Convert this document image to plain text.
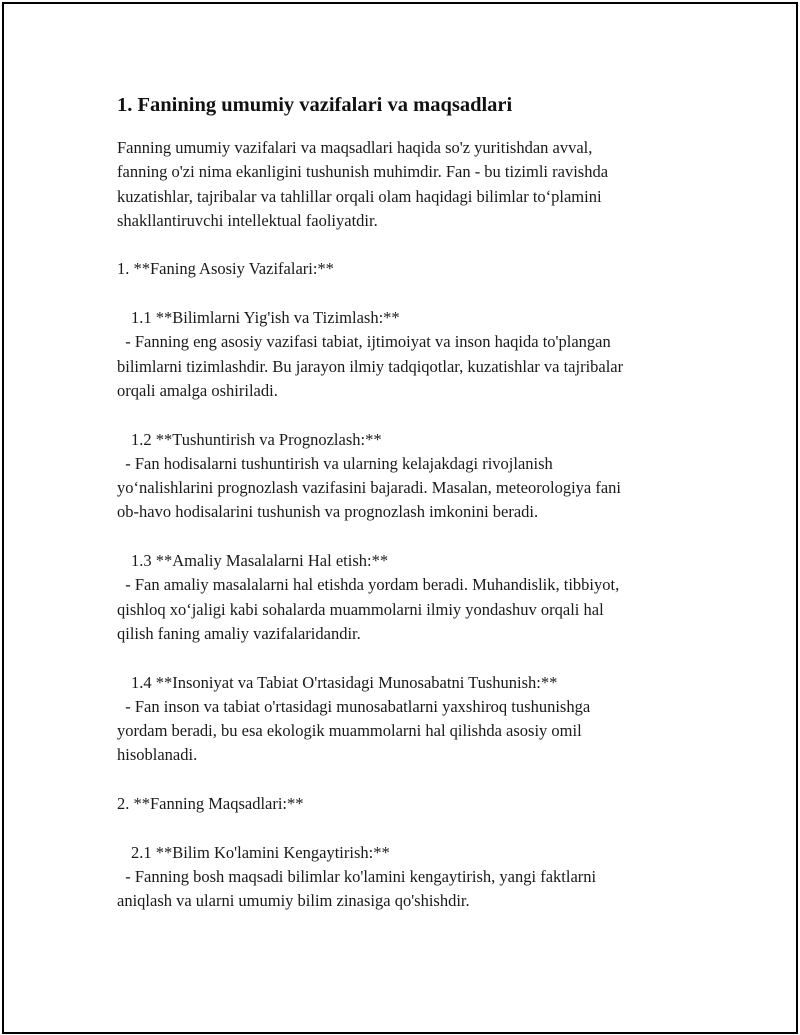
1. Fanining umumiy vazifalari va maqsadlari

Fanning umumiy vazifalari va maqsadlari haqida so'z yuritishdan avval,
fanning o'zi nima ekanligini tushunish muhimdir. Fan - bu tizimli ravishda
kuzatishlar, tajribalar va tahlillar orqali olam haqidagi bilimlar to‘plamini
shakllantiruvchi intellektual faoliyatdir.

1. **Faning Asosiy Vazifalari:**

1.1 **Bilimlarni Yig'ish va Tizimlash:**
- Fanning eng asosiy vazifasi tabiat, ijtimoiyat va inson haqida to'plangan
bilimlarni tizimlashdir. Bu jarayon ilmiy tadqiqotlar, kuzatishlar va tajribalar
orqali amalga oshiriladi.

1.2 **Tushuntirish va Prognozlash:**
- Fan hodisalarni tushuntirish va ularning kelajakdagi rivojlanish
yo‘nalishlarini prognozlash vazifasini bajaradi. Masalan, meteorologiya fani
ob-havo hodisalarini tushunish va prognozlash imkonini beradi.

1.3 **Amaliy Masalalarni Hal etish:**
- Fan amaliy masalalarni hal etishda yordam beradi. Muhandislik, tibbiyot,
qishloq xo‘jaligi kabi sohalarda muammolarni ilmiy yondashuv orqali hal
qilish faning amaliy vazifalaridandir.

1.4 **Insoniyat va Tabiat O'rtasidagi Munosabatni Tushunish:**
- Fan inson va tabiat o'rtasidagi munosabatlarni yaxshiroq tushunishga
yordam beradi, bu esa ekologik muammolarni hal qilishda asosiy omil
hisoblanadi.

2. **Fanning Maqsadlari:**

2.1 **Bilim Ko'lamini Kengaytirish:**
- Fanning bosh maqsadi bilimlar ko'lamini kengaytirish, yangi faktlarni
aniqlash va ularni umumiy bilim zinasiga qo'shishdir.
